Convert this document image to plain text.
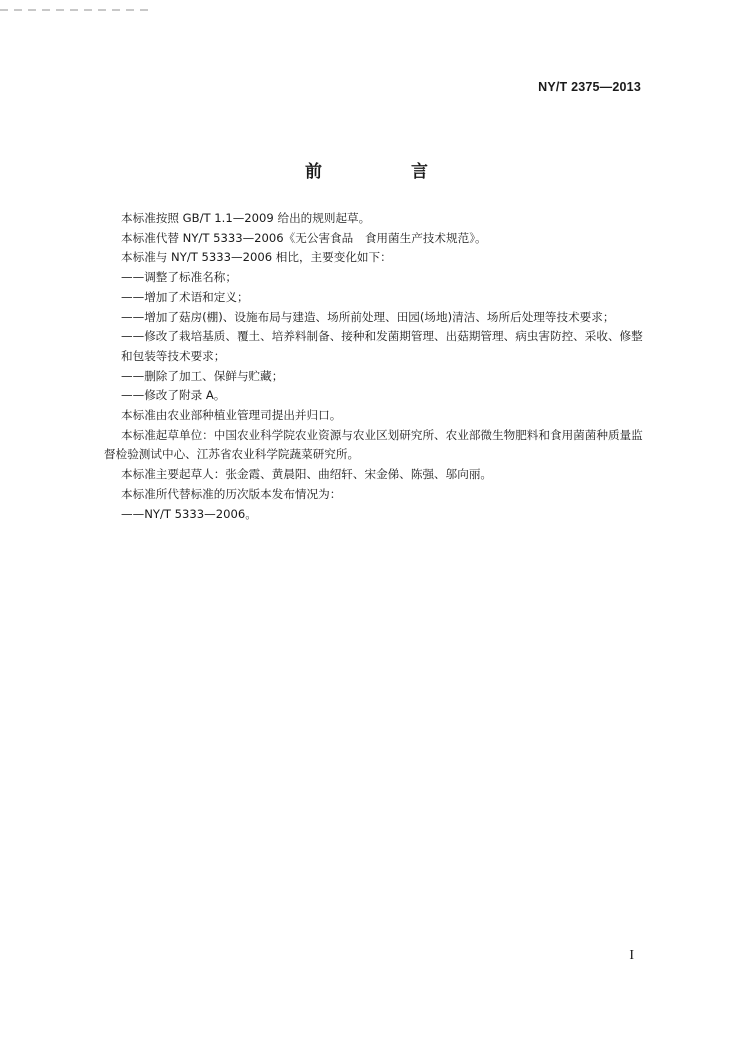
NY/T 2375—2013
前　言
本标准按照 GB/T 1.1—2009 给出的规则起草。
本标准代替 NY/T 5333—2006《无公害食品　食用菌生产技术规范》。
本标准与 NY/T 5333—2006 相比，主要变化如下：
——调整了标准名称；
——增加了术语和定义；
——增加了菇房(棚)、设施布局与建造、场所前处理、田园(场地)清洁、场所后处理等技术要求；
——修改了栽培基质、覆土、培养料制备、接种和发菌期管理、出菇期管理、病虫害防控、采收、修整和包装等技术要求；
——删除了加工、保鲜与贮藏；
——修改了附录 A。
本标准由农业部种植业管理司提出并归口。
本标准起草单位：中国农业科学院农业资源与农业区划研究所、农业部微生物肥料和食用菌菌种质量监督检验测试中心、江苏省农业科学院蔬菜研究所。
本标准主要起草人：张金霞、黄晨阳、曲绍轩、宋金俤、陈强、邬向丽。
本标准所代替标准的历次版本发布情况为：
——NY/T 5333—2006。
I
